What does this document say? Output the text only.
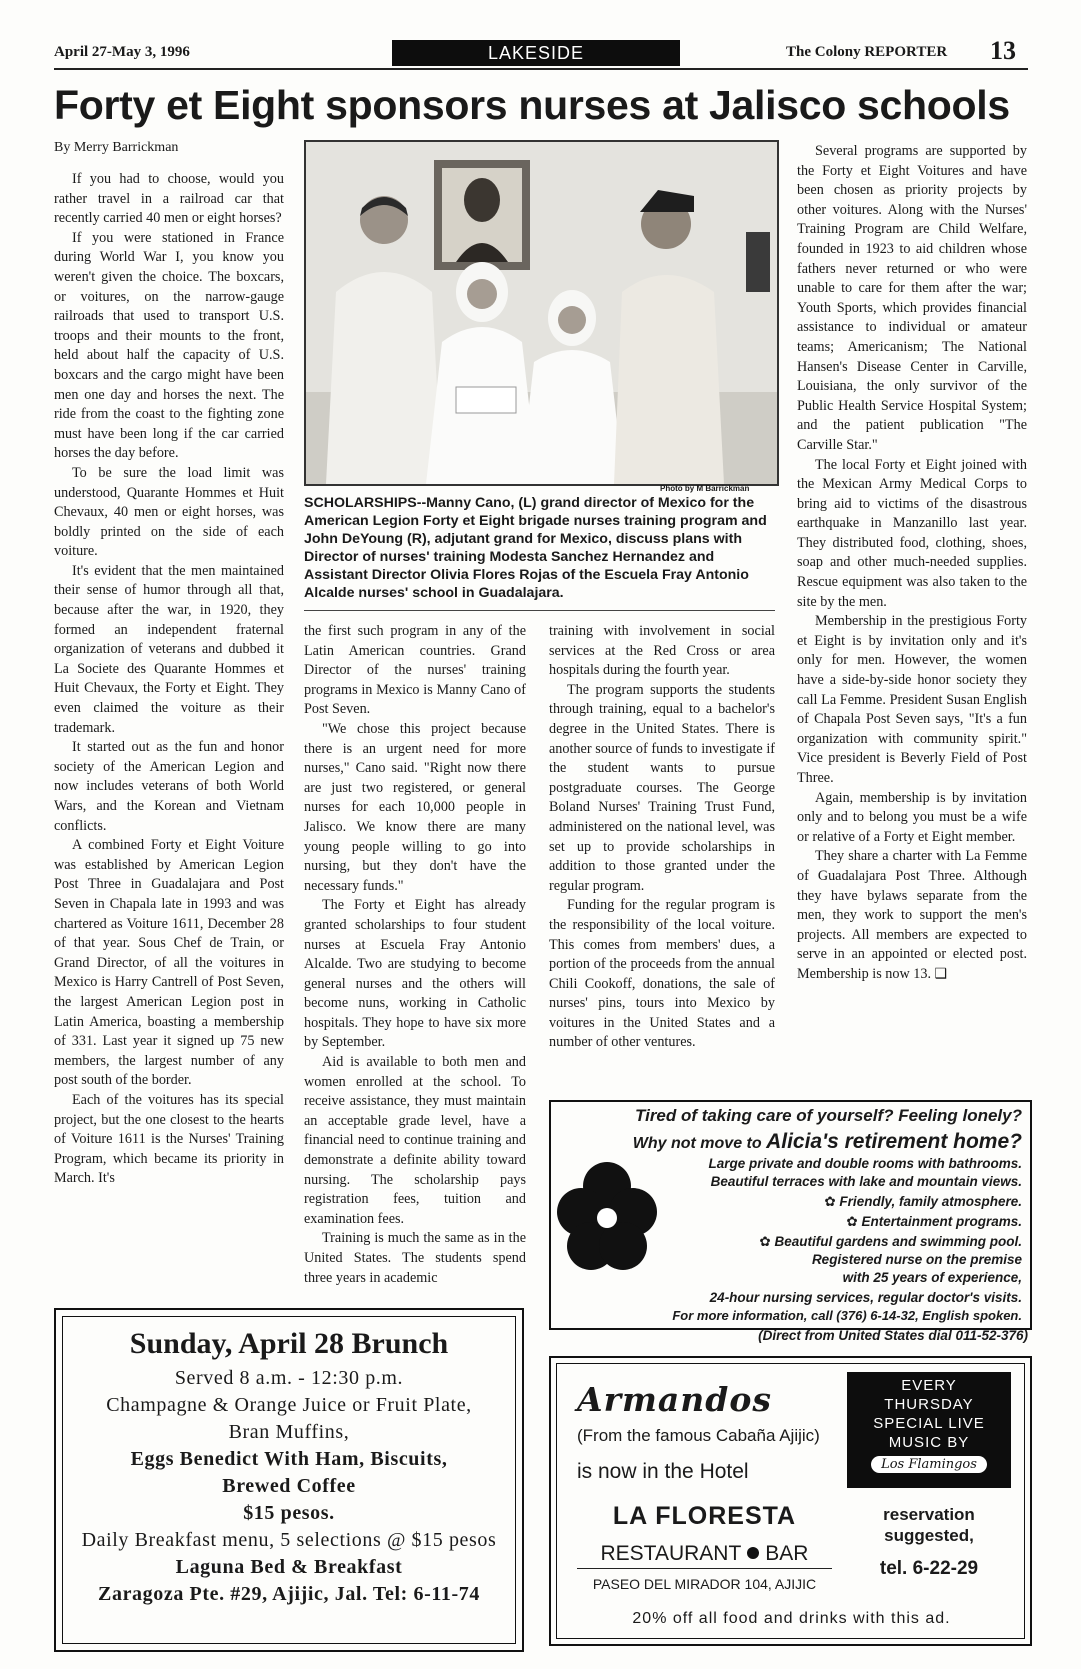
April 27-May 3, 1996	LAKESIDE	The Colony REPORTER 13
Forty et Eight sponsors nurses at Jalisco schools
By Merry Barrickman

If you had to choose, would you rather travel in a railroad car that recently carried 40 men or eight horses?

If you were stationed in France during World War I, you know you weren't given the choice. The boxcars, or voitures, on the narrow-gauge railroads that used to transport U.S. troops and their mounts to the front, held about half the capacity of U.S. boxcars and the cargo might have been men one day and horses the next. The ride from the coast to the fighting zone must have been long if the car carried horses the day before.

To be sure the load limit was understood, Quarante Hommes et Huit Chevaux, 40 men or eight horses, was boldly printed on the side of each voiture.

It's evident that the men maintained their sense of humor through all that, because after the war, in 1920, they formed an independent fraternal organization of veterans and dubbed it La Societe des Quarante Hommes et Huit Chevaux, the Forty et Eight. They even claimed the voiture as their trademark.

It started out as the fun and honor society of the American Legion and now includes veterans of both World Wars, and the Korean and Vietnam conflicts.

A combined Forty et Eight Voiture was established by American Legion Post Three in Guadalajara and Post Seven in Chapala late in 1993 and was chartered as Voiture 1611, December 28 of that year. Sous Chef de Train, or Grand Director, of all the voitures in Mexico is Harry Cantrell of Post Seven, the largest American Legion post in Latin America, boasting a membership of 331. Last year it signed up 75 new members, the largest number of any post south of the border.

Each of the voitures has its special project, but the one closest to the hearts of Voiture 1611 is the Nurses' Training Program, which became its priority in March. It's

Photo by M Barrickman
SCHOLARSHIPS--Manny Cano, (L) grand director of Mexico for the American Legion Forty et Eight brigade nurses training program and John DeYoung (R), adjutant grand for Mexico, discuss plans with Director of nurses' training Modesta Sanchez Hernandez and Assistant Director Olivia Flores Rojas of the Escuela Fray Antonio Alcalde nurses' school in Guadalajara.

the first such program in any of the Latin American countries. Grand Director of the nurses' training programs in Mexico is Manny Cano of Post Seven.

"We chose this project because there is an urgent need for more nurses," Cano said. "Right now there are just two registered, or general nurses for each 10,000 people in Jalisco. We know there are many young people willing to go into nursing, but they don't have the necessary funds."

The Forty et Eight has already granted scholarships to four student nurses at Escuela Fray Antonio Alcalde. Two are studying to become general nurses and the others will become nuns, working in Catholic hospitals. They hope to have six more by September.

Aid is available to both men and women enrolled at the school. To receive assistance, they must maintain an acceptable grade level, have a financial need to continue training and demonstrate a definite ability toward nursing. The scholarship pays registration fees, tuition and examination fees.

Training is much the same as in the United States. The students spend three years in academic

training with involvement in social services at the Red Cross or area hospitals during the fourth year.

The program supports the students through training, equal to a bachelor's degree in the United States. There is another source of funds to investigate if the student wants to pursue postgraduate courses. The George Boland Nurses' Training Trust Fund, administered on the national level, was set up to provide scholarships in addition to those granted under the regular program.

Funding for the regular program is the responsibility of the local voiture. This comes from members' dues, a portion of the proceeds from the annual Chili Cookoff, donations, the sale of nurses' pins, tours into Mexico by voitures in the United States and a number of other ventures.

Several programs are supported by the Forty et Eight Voitures and have been chosen as priority projects by other voitures. Along with the Nurses' Training Program are Child Welfare, founded in 1923 to aid children whose fathers never returned or who were unable to care for them after the war; Youth Sports, which provides financial assistance to individual or amateur teams; Americanism; The National Hansen's Disease Center in Carville, Louisiana, the only survivor of the Public Health Service Hospital System; and the patient publication "The Carville Star."

The local Forty et Eight joined with the Mexican Army Medical Corps to bring aid to victims of the disastrous earthquake in Manzanillo last year. They distributed food, clothing, shoes, soap and other much-needed supplies. Rescue equipment was also taken to the site by the men.

Membership in the prestigious Forty et Eight is by invitation only and it's only for men. However, the women have a side-by-side honor society they call La Femme. President Susan English of Chapala Post Seven says, "It's a fun organization with community spirit." Vice president is Beverly Field of Post Three.

Again, membership is by invitation only and to belong you must be a wife or relative of a Forty et Eight member.

They share a charter with La Femme of Guadalajara Post Three. Although they have bylaws separate from the men, they work to support the men's projects. All members are expected to serve in an appointed or elected post. Membership is now 13. ❑

Tired of taking care of yourself? Feeling lonely?
Why not move to Alicia's retirement home?
Large private and double rooms with bathrooms.
Beautiful terraces with lake and mountain views.
✿ Friendly, family atmosphere.
✿ Entertainment programs.
✿ Beautiful gardens and swimming pool.
Registered nurse on the premise
with 25 years of experience,
24-hour nursing services, regular doctor's visits.
For more information, call (376) 6-14-32, English spoken.
(Direct from United States dial 011-52-376)
Sunday, April 28 Brunch
Served 8 a.m. - 12:30 p.m.
Champagne & Orange Juice or Fruit Plate,
Bran Muffins,
Eggs Benedict With Ham, Biscuits,
Brewed Coffee
$15 pesos.
Daily Breakfast menu, 5 selections @ $15 pesos
Laguna Bed & Breakfast
Zaragoza Pte. #29, Ajijic, Jal. Tel: 6-11-74
Armandos
(From the famous Cabaña Ajijic)
is now in the Hotel
LA FLORESTA
RESTAURANT BAR
PASEO DEL MIRADOR 104, AJIJIC
EVERY
THURSDAY
SPECIAL LIVE
MUSIC BY
Los Flamingos
reservation
suggested,
tel. 6-22-29
20% off all food and drinks with this ad.
